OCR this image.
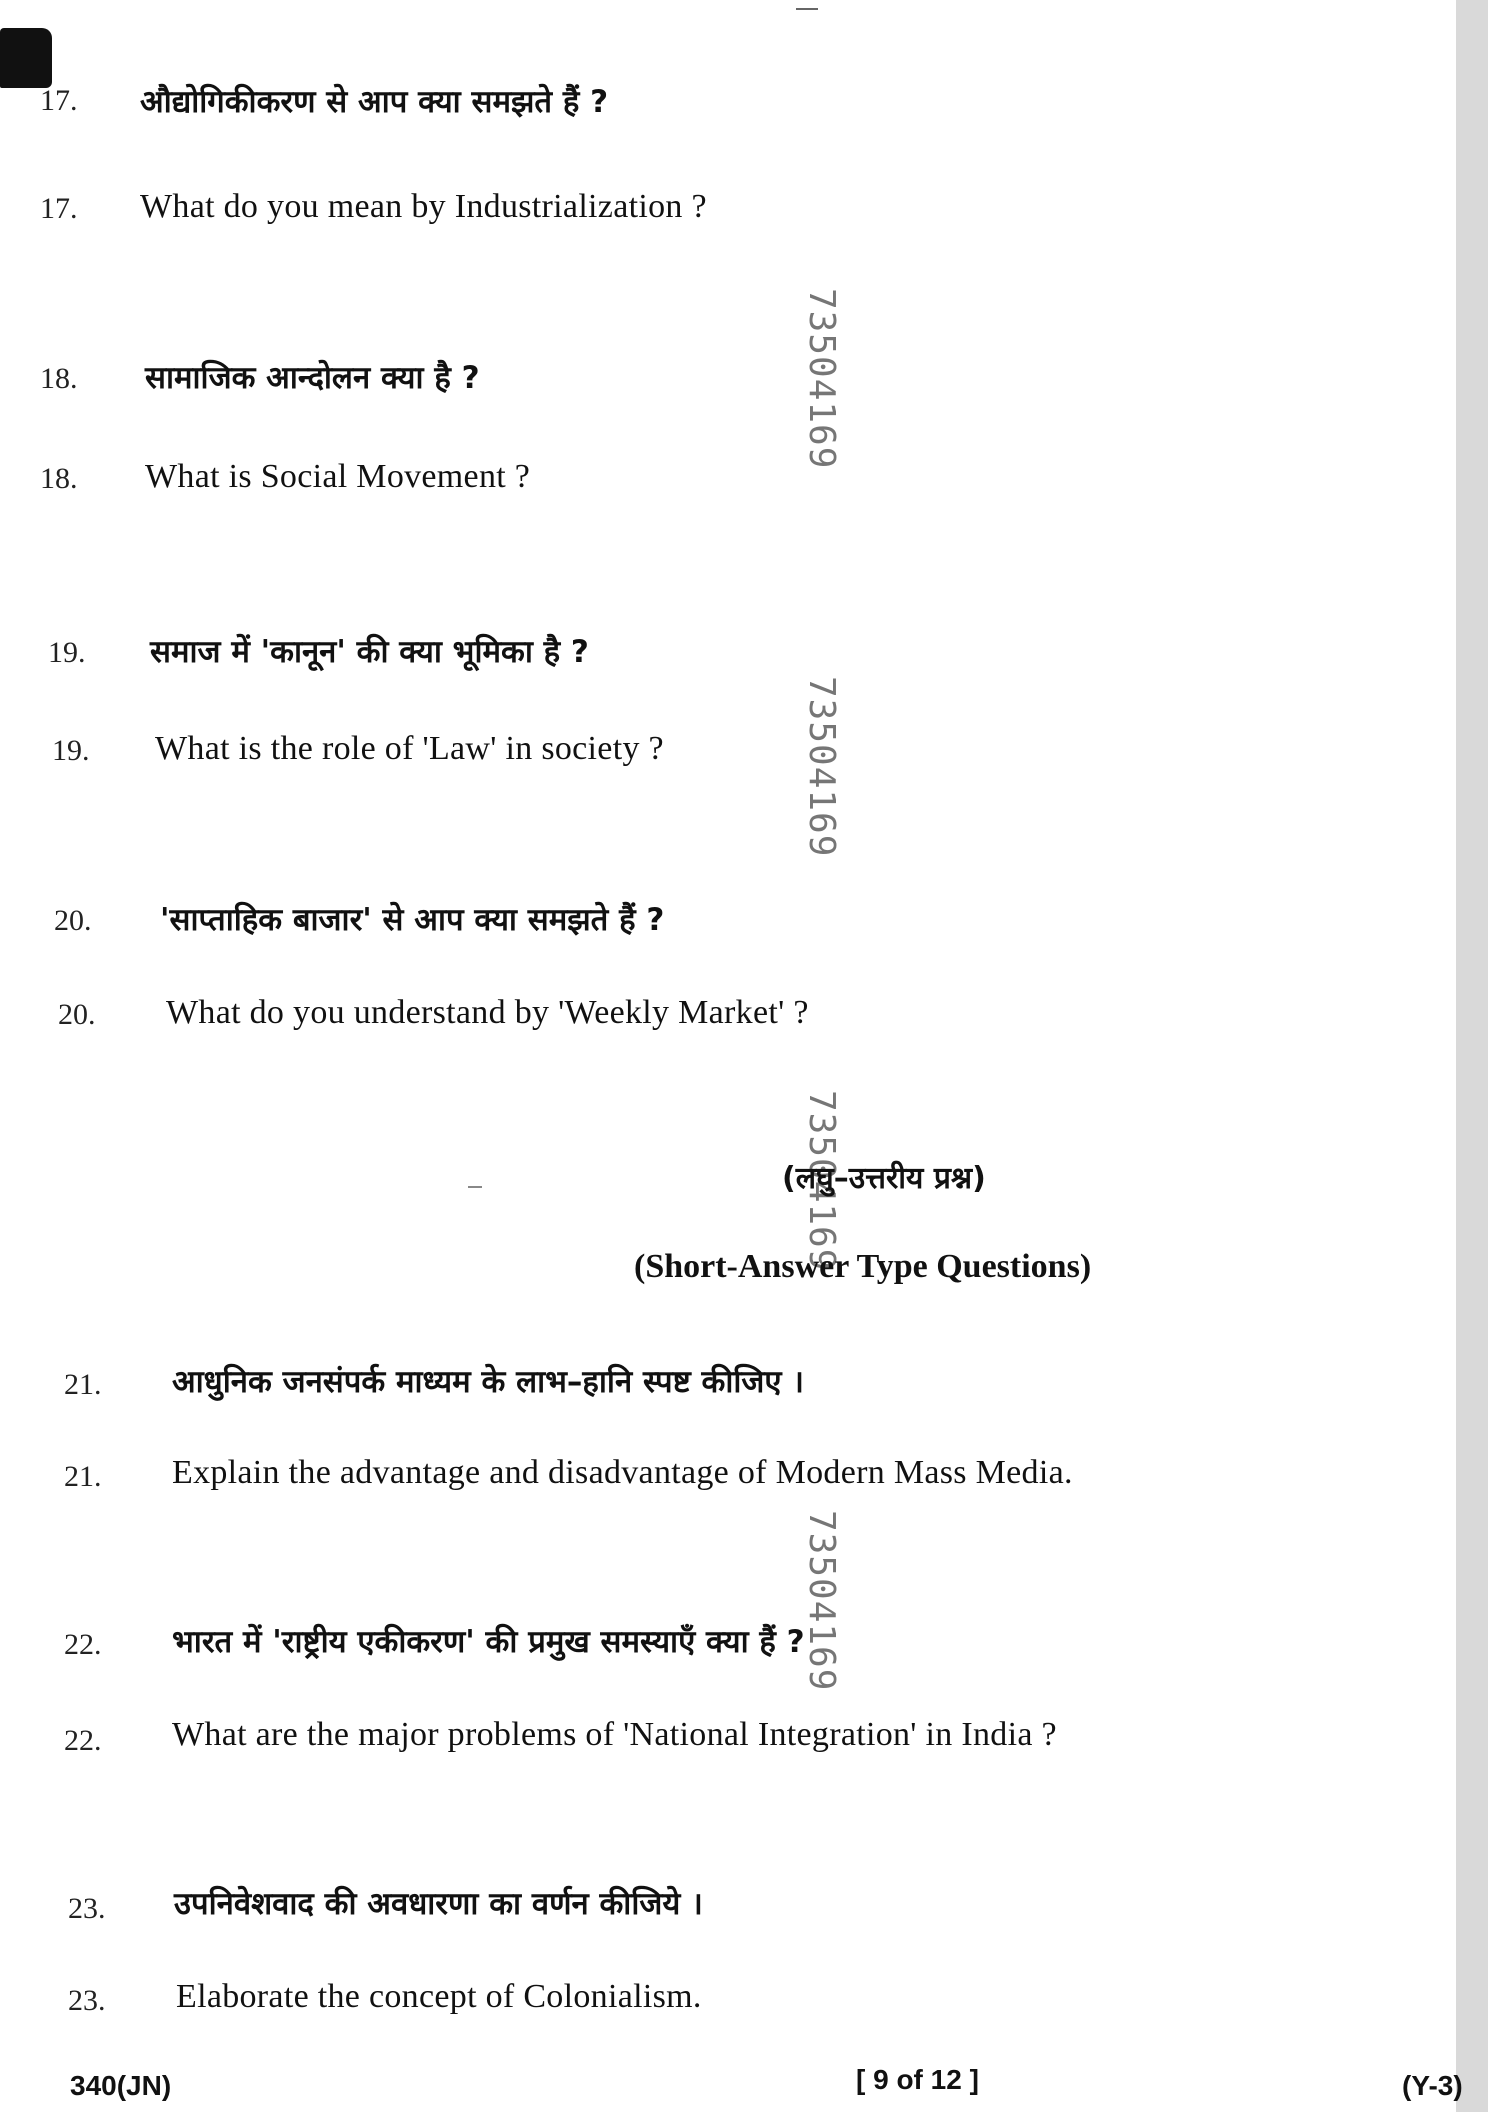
73504169
73504169
73504169
73504169
17. औद्योगिकीकरण से आप क्या समझते हैं ?
17. What do you mean by Industrialization ?
18. सामाजिक आन्दोलन क्या है ?
18. What is Social Movement ?
19. समाज में 'कानून' की क्या भूमिका है ?
19. What is the role of 'Law' in society ?
20. 'साप्ताहिक बाजार' से आप क्या समझते हैं ?
20. What do you understand by 'Weekly Market' ?
(लघु–उत्तरीय प्रश्न)
(Short-Answer Type Questions)
21. आधुनिक जनसंपर्क माध्यम के लाभ–हानि स्पष्ट कीजिए ।
21. Explain the advantage and disadvantage of Modern Mass Media.
22. भारत में 'राष्ट्रीय एकीकरण' की प्रमुख समस्याएँ क्या हैं ?
22. What are the major problems of 'National Integration' in India ?
23. उपनिवेशवाद की अवधारणा का वर्णन कीजिये ।
23. Elaborate the concept of Colonialism.
340(JN)	[ 9 of 12 ]	(Y-3)
